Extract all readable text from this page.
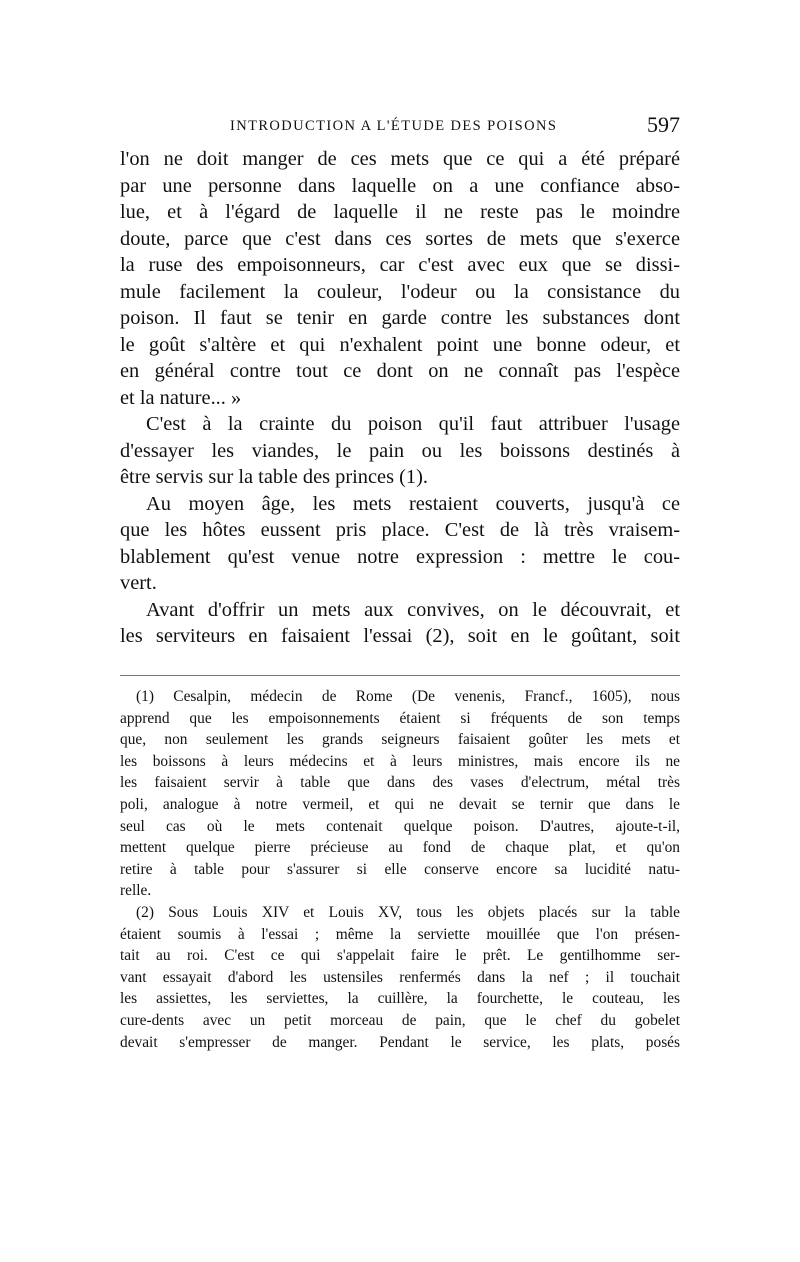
INTRODUCTION A L'ÉTUDE DES POISONS	597
l'on ne doit manger de ces mets que ce qui a été préparé
par une personne dans laquelle on a une confiance abso-
lue, et à l'égard de laquelle il ne reste pas le moindre
doute, parce que c'est dans ces sortes de mets que s'exerce
la ruse des empoisonneurs, car c'est avec eux que se dissi-
mule facilement la couleur, l'odeur ou la consistance du
poison. Il faut se tenir en garde contre les substances dont
le goût s'altère et qui n'exhalent point une bonne odeur, et
en général contre tout ce dont on ne connaît pas l'espèce
et la nature... »
C'est à la crainte du poison qu'il faut attribuer l'usage
d'essayer les viandes, le pain ou les boissons destinés à
être servis sur la table des princes (1).
Au moyen âge, les mets restaient couverts, jusqu'à ce
que les hôtes eussent pris place. C'est de là très vraisem-
blablement qu'est venue notre expression : mettre le cou-
vert.
Avant d'offrir un mets aux convives, on le découvrait, et
les serviteurs en faisaient l'essai (2), soit en le goûtant, soit
(1) Cesalpin, médecin de Rome (De venenis, Francf., 1605), nous
apprend que les empoisonnements étaient si fréquents de son temps
que, non seulement les grands seigneurs faisaient goûter les mets et
les boissons à leurs médecins et à leurs ministres, mais encore ils ne
les faisaient servir à table que dans des vases d'electrum, métal très
poli, analogue à notre vermeil, et qui ne devait se ternir que dans le
seul cas où le mets contenait quelque poison. D'autres, ajoute-t-il,
mettent quelque pierre précieuse au fond de chaque plat, et qu'on
retire à table pour s'assurer si elle conserve encore sa lucidité natu-
relle.
(2) Sous Louis XIV et Louis XV, tous les objets placés sur la table
étaient soumis à l'essai ; même la serviette mouillée que l'on présen-
tait au roi. C'est ce qui s'appelait faire le prêt. Le gentilhomme ser-
vant essayait d'abord les ustensiles renfermés dans la nef ; il touchait
les assiettes, les serviettes, la cuillère, la fourchette, le couteau, les
cure-dents avec un petit morceau de pain, que le chef du gobelet
devait s'empresser de manger. Pendant le service, les plats, posés
